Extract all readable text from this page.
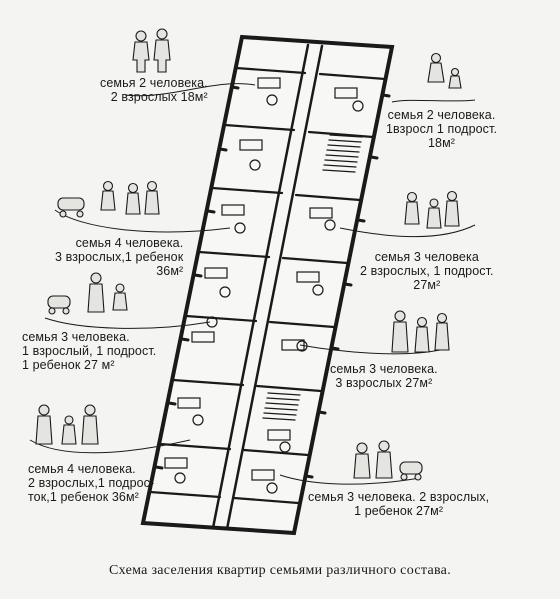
семья 2 человека.
2 взрослых 18м²
семья 2 человека.
1взросл 1 подрост.
18м²
семья 4 человека.
3 взрослых,1 ребенок
36м²
семья 3 человека
2 взрослых, 1 подрост.
27м²
семья 3 человека.
1 взрослый, 1 подрост.
1 ребенок 27 м²	семья 3 человека.
3 взрослых 27м²
семья 4 человека.
2 взрослых,1 подрос-
ток,1 ребенок 36м²	семья 3 человека. 2 взрослых,
1 ребенок 27м²
Схема заселения квартир семьями различного состава.
